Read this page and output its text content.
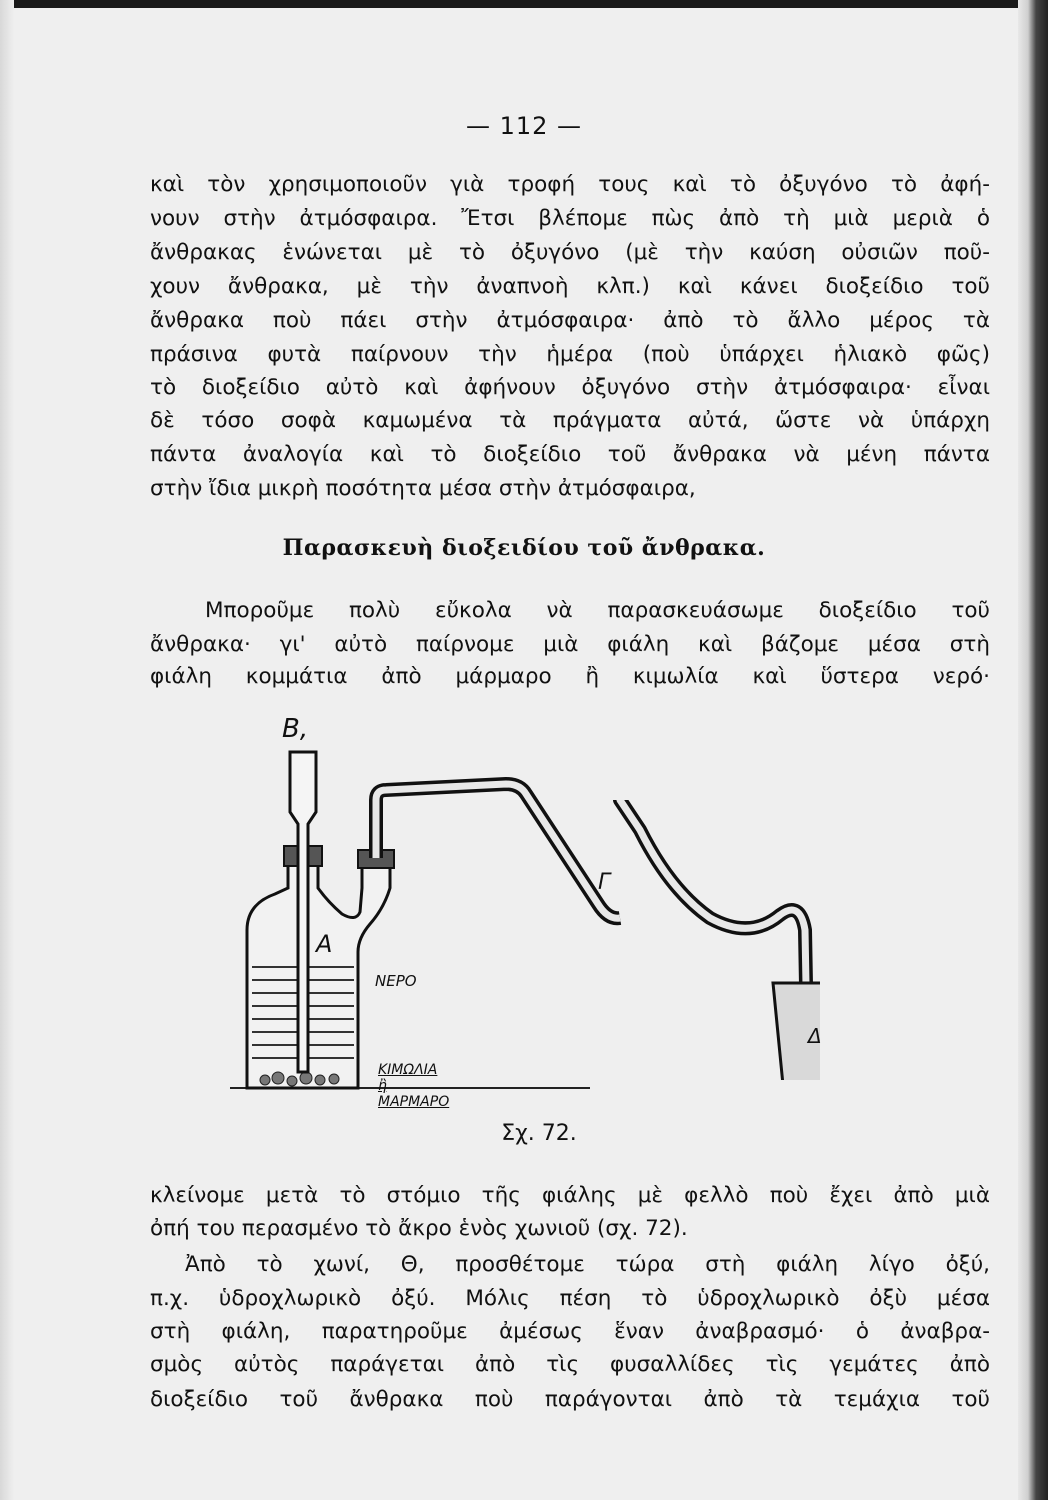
— 112 —
καὶ τὸν χρησιμοποιοῦν γιὰ τροφή τους καὶ τὸ ὀξυγόνο τὸ ἀφή-
νουν στὴν ἀτμόσφαιρα. Ἔτσι βλέπομε πὼς ἀπὸ τὴ μιὰ μεριὰ ὁ
ἄνθρακας ἑνώνεται μὲ τὸ ὀξυγόνο (μὲ τὴν καύση οὐσιῶν ποῦ-
χουν ἄνθρακα, μὲ τὴν ἀναπνοὴ κλπ.) καὶ κάνει διοξείδιο τοῦ
ἄνθρακα ποὺ πάει στὴν ἀτμόσφαιρα· ἀπὸ τὸ ἄλλο μέρος τὰ
πράσινα φυτὰ παίρνουν τὴν ἡμέρα (ποὺ ὑπάρχει ἡλιακὸ φῶς)
τὸ διοξείδιο αὐτὸ καὶ ἀφήνουν ὀξυγόνο στὴν ἀτμόσφαιρα· εἶναι
δὲ τόσο σοφὰ καμωμένα τὰ πράγματα αὐτά, ὥστε νὰ ὑπάρχη
πάντα ἀναλογία καὶ τὸ διοξείδιο τοῦ ἄνθρακα νὰ μένη πάντα
στὴν ἴδια μικρὴ ποσότητα μέσα στὴν ἀτμόσφαιρα,
Παρασκευὴ διοξειδίου τοῦ ἄνθρακα.
Μποροῦμε πολὺ εὔκολα νὰ παρασκευάσωμε διοξείδιο τοῦ
ἄνθρακα· γι' αὐτὸ παίρνομε μιὰ φιάλη καὶ βάζομε μέσα στὴ
φιάλη κομμάτια ἀπὸ μάρμαρο ἢ κιμωλία καὶ ὕστερα νερό·
Β,
Α
ΝΕΡΟ
ΚΙΜΩΛΙΑ ἢ ΜΑΡΜΑΡΟ
Γ
Δ
Σχ. 72.
κλείνομε μετὰ τὸ στόμιο τῆς φιάλης μὲ φελλὸ ποὺ ἔχει ἀπὸ μιὰ
ὀπή του περασμένο τὸ ἄκρο ἑνὸς χωνιοῦ (σχ. 72).
Ἀπὸ τὸ χωνί, Θ, προσθέτομε τώρα στὴ φιάλη λίγο ὀξύ,
π.χ. ὑδροχλωρικὸ ὀξύ. Μόλις πέση τὸ ὑδροχλωρικὸ ὀξὺ μέσα
στὴ φιάλη, παρατηροῦμε ἀμέσως ἕναν ἀναβρασμό· ὁ ἀναβρα-
σμὸς αὐτὸς παράγεται ἀπὸ τὶς φυσαλλίδες τὶς γεμάτες ἀπὸ
διοξείδιο τοῦ ἄνθρακα ποὺ παράγονται ἀπὸ τὰ τεμάχια τοῦ
